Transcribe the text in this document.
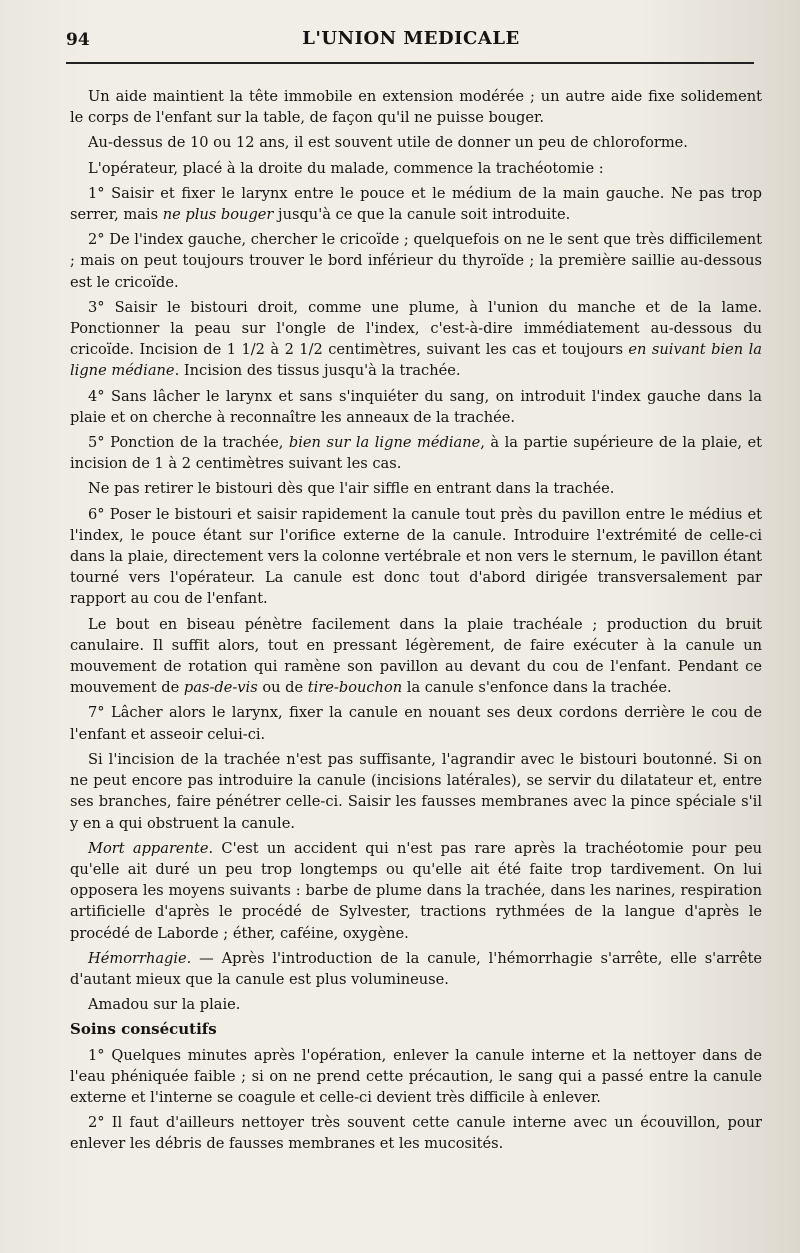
94	L'UNION MEDICALE

Un aide maintient la tête immobile en extension modérée ; un autre aide fixe solidement le corps de l'enfant sur la table, de façon qu'il ne puisse bouger.

Au-dessus de 10 ou 12 ans, il est souvent utile de donner un peu de chloroforme.

L'opérateur, placé à la droite du malade, commence la trachéotomie :

1° Saisir et fixer le larynx entre le pouce et le médium de la main gauche. Ne pas trop serrer, mais ne plus bouger jusqu'à ce que la canule soit introduite.

2° De l'index gauche, chercher le cricoïde ; quelquefois on ne le sent que très difficilement ; mais on peut toujours trouver le bord inférieur du thyroïde ; la première saillie au-dessous est le cricoïde.

3° Saisir le bistouri droit, comme une plume, à l'union du manche et de la lame. Ponctionner la peau sur l'ongle de l'index, c'est-à-dire immédiatement au-dessous du cricoïde. Incision de 1 1/2 à 2 1/2 centimètres, suivant les cas et toujours en suivant bien la ligne médiane. Incision des tissus jusqu'à la trachée.

4° Sans lâcher le larynx et sans s'inquiéter du sang, on introduit l'index gauche dans la plaie et on cherche à reconnaître les anneaux de la trachée.

5° Ponction de la trachée, bien sur la ligne médiane, à la partie supérieure de la plaie, et incision de 1 à 2 centimètres suivant les cas.

Ne pas retirer le bistouri dès que l'air siffle en entrant dans la trachée.

6° Poser le bistouri et saisir rapidement la canule tout près du pavillon entre le médius et l'index, le pouce étant sur l'orifice externe de la canule. Introduire l'extrémité de celle-ci dans la plaie, directement vers la colonne vertébrale et non vers le sternum, le pavillon étant tourné vers l'opérateur. La canule est donc tout d'abord dirigée transversalement par rapport au cou de l'enfant.

Le bout en biseau pénètre facilement dans la plaie trachéale ; production du bruit canulaire. Il suffit alors, tout en pressant légèrement, de faire exécuter à la canule un mouvement de rotation qui ramène son pavillon au devant du cou de l'enfant. Pendant ce mouvement de pas-de-vis ou de tire-bouchon la canule s'enfonce dans la trachée.

7° Lâcher alors le larynx, fixer la canule en nouant ses deux cordons derrière le cou de l'enfant et asseoir celui-ci.

Si l'incision de la trachée n'est pas suffisante, l'agrandir avec le bistouri boutonné. Si on ne peut encore pas introduire la canule (incisions latérales), se servir du dilatateur et, entre ses branches, faire pénétrer celle-ci. Saisir les fausses membranes avec la pince spéciale s'il y en a qui obstruent la canule.

Mort apparente. C'est un accident qui n'est pas rare après la trachéotomie pour peu qu'elle ait duré un peu trop longtemps ou qu'elle ait été faite trop tardivement. On lui opposera les moyens suivants : barbe de plume dans la trachée, dans les narines, respiration artificielle d'après le procédé de Sylvester, tractions rythmées de la langue d'après le procédé de Laborde ; éther, caféine, oxygène.

Hémorrhagie. — Après l'introduction de la canule, l'hémorrhagie s'arrête, elle s'arrête d'autant mieux que la canule est plus volumineuse.

Amadou sur la plaie.

Soins consécutifs

1° Quelques minutes après l'opération, enlever la canule interne et la nettoyer dans de l'eau phéniquée faible ; si on ne prend cette précaution, le sang qui a passé entre la canule externe et l'interne se coagule et celle-ci devient très difficile à enlever.

2° Il faut d'ailleurs nettoyer très souvent cette canule interne avec un écouvillon, pour enlever les débris de fausses membranes et les mucosités.
